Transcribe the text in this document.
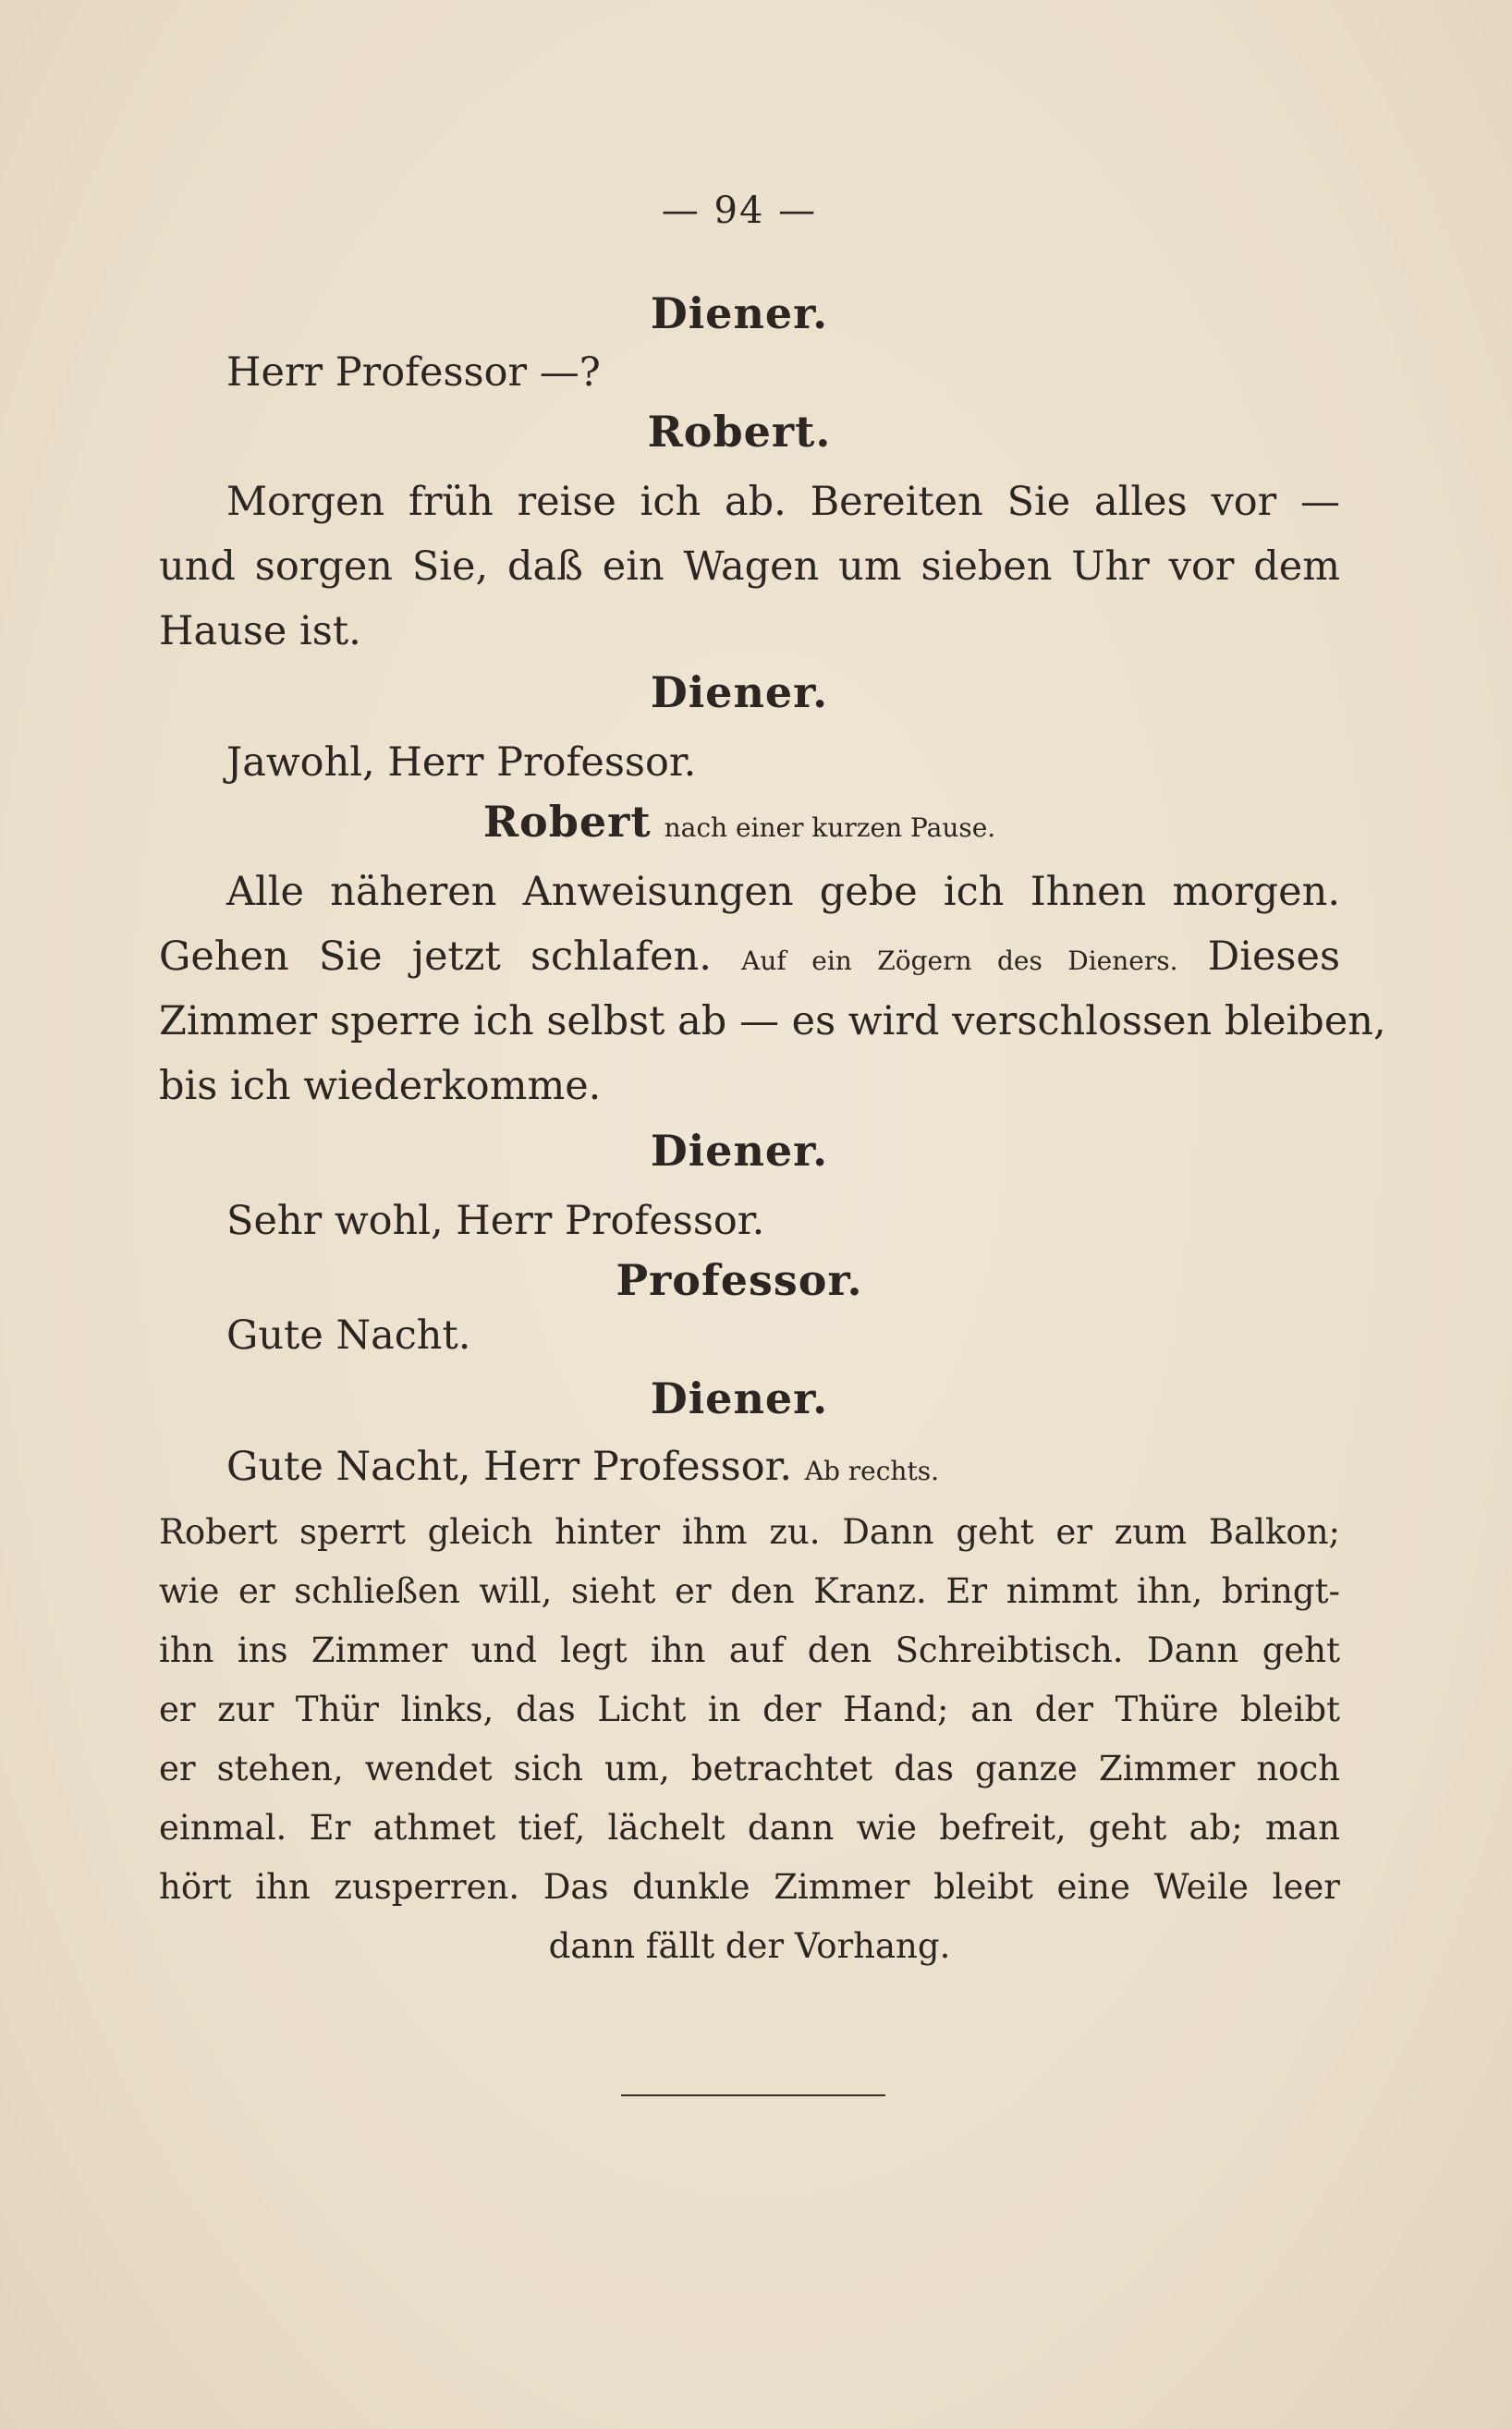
— 94 —
Diener.
Herr Professor —?
Robert.
Morgen früh reise ich ab. Bereiten Sie alles vor —
und sorgen Sie, daß ein Wagen um sieben Uhr vor dem
Hause ist.
Diener.
Jawohl, Herr Professor.
Robert nach einer kurzen Pause.
Alle näheren Anweisungen gebe ich Ihnen morgen.
Gehen Sie jetzt schlafen. Auf ein Zögern des Dieners. Dieses
Zimmer sperre ich selbst ab — es wird verschlossen bleiben,
bis ich wiederkomme.
Diener.
Sehr wohl, Herr Professor.
Professor.
Gute Nacht.
Diener.
Gute Nacht, Herr Professor. Ab rechts.
Robert sperrt gleich hinter ihm zu. Dann geht er zum Balkon;
wie er schließen will, sieht er den Kranz. Er nimmt ihn, bringt-
ihn ins Zimmer und legt ihn auf den Schreibtisch. Dann geht
er zur Thür links, das Licht in der Hand; an der Thüre bleibt
er stehen, wendet sich um, betrachtet das ganze Zimmer noch
einmal. Er athmet tief, lächelt dann wie befreit, geht ab; man
hört ihn zusperren. Das dunkle Zimmer bleibt eine Weile leer
dann fällt der Vorhang.
